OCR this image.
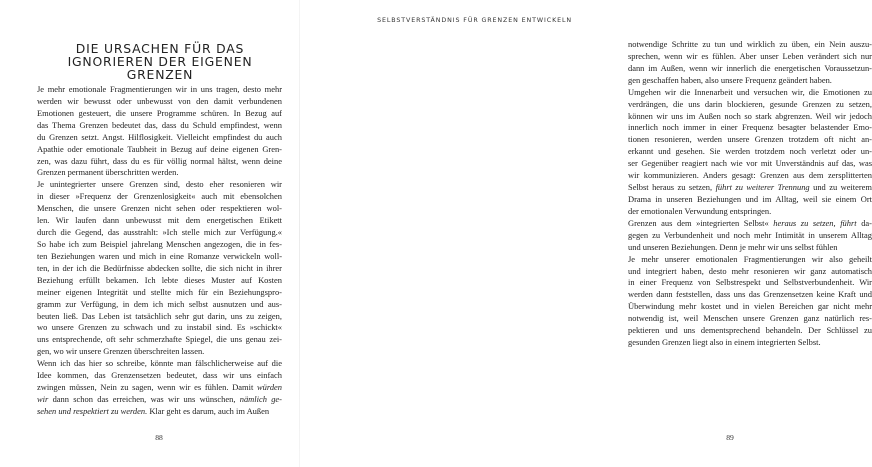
DIE URSACHEN FÜR DAS
IGNORIEREN DER EIGENEN
GRENZEN
Je mehr emotionale Fragmentierungen wir in uns tragen, desto mehr
werden wir bewusst oder unbewusst von den damit verbundenen
Emotionen gesteuert, die unsere Programme schüren. In Bezug auf
das Thema Grenzen bedeutet das, dass du Schuld empfindest, wenn
du Grenzen setzt. Angst. Hilflosigkeit. Vielleicht empfindest du auch
Apathie oder emotionale Taubheit in Bezug auf deine eigenen Gren-
zen, was dazu führt, dass du es für völlig normal hältst, wenn deine
Grenzen permanent überschritten werden.
Je unintegrierter unsere Grenzen sind, desto eher resonieren wir
in dieser »Frequenz der Grenzenlosigkeit« auch mit ebensolchen
Menschen, die unsere Grenzen nicht sehen oder respektieren wol-
len. Wir laufen dann unbewusst mit dem energetischen Etikett
durch die Gegend, das ausstrahlt: »Ich stelle mich zur Verfügung.«
So habe ich zum Beispiel jahrelang Menschen angezogen, die in fes-
ten Beziehungen waren und mich in eine Romanze verwickeln woll-
ten, in der ich die Bedürfnisse abdecken sollte, die sich nicht in ihrer
Beziehung erfüllt bekamen. Ich lebte dieses Muster auf Kosten
meiner eigenen Integrität und stellte mich für ein Beziehungspro-
gramm zur Verfügung, in dem ich mich selbst ausnutzen und aus-
beuten ließ. Das Leben ist tatsächlich sehr gut darin, uns zu zeigen,
wo unsere Grenzen zu schwach und zu instabil sind. Es »schickt«
uns entsprechende, oft sehr schmerzhafte Spiegel, die uns genau zei-
gen, wo wir unsere Grenzen überschreiten lassen.
Wenn ich das hier so schreibe, könnte man fälschlicherweise auf die
Idee kommen, das Grenzensetzen bedeutet, dass wir uns einfach
zwingen müssen, Nein zu sagen, wenn wir es fühlen. Damit würden
wir dann schon das erreichen, was wir uns wünschen, nämlich ge-
sehen und respektiert zu werden. Klar geht es darum, auch im Außen
88
notwendige Schritte zu tun und wirklich zu üben, ein Nein auszu-
sprechen, wenn wir es fühlen. Aber unser Leben verändert sich nur
dann im Außen, wenn wir innerlich die energetischen Voraussetzun-
gen geschaffen haben, also unsere Frequenz geändert haben.
Umgehen wir die Innenarbeit und versuchen wir, die Emotionen zu
verdrängen, die uns darin blockieren, gesunde Grenzen zu setzen,
können wir uns im Außen noch so stark abgrenzen. Weil wir jedoch
innerlich noch immer in einer Frequenz besagter belastender Emo-
tionen resonieren, werden unsere Grenzen trotzdem oft nicht an-
erkannt und gesehen. Sie werden trotzdem noch verletzt oder un-
ser Gegenüber reagiert nach wie vor mit Unverständnis auf das, was
wir kommunizieren. Anders gesagt: Grenzen aus dem zersplitterten
Selbst heraus zu setzen, führt zu weiterer Trennung und zu weiterem
Drama in unseren Beziehungen und im Alltag, weil sie einem Ort
der emotionalen Verwundung entspringen.
Grenzen aus dem »integrierten Selbst« heraus zu setzen, führt da-
gegen zu Verbundenheit und noch mehr Intimität in unserem Alltag
und unseren Beziehungen. Denn je mehr wir uns selbst fühlen
Je mehr unserer emotionalen Fragmentierungen wir also geheilt
und integriert haben, desto mehr resonieren wir ganz automatisch
in einer Frequenz von Selbstrespekt und Selbstverbundenheit. Wir
werden dann feststellen, dass uns das Grenzensetzen keine Kraft und
Überwindung mehr kostet und in vielen Bereichen gar nicht mehr
notwendig ist, weil Menschen unsere Grenzen ganz natürlich res-
pektieren und uns dementsprechend behandeln. Der Schlüssel zu
gesunden Grenzen liegt also in einem integrierten Selbst.
89
SELBSTVERSTÄNDNIS FÜR GRENZEN ENTWICKELN
